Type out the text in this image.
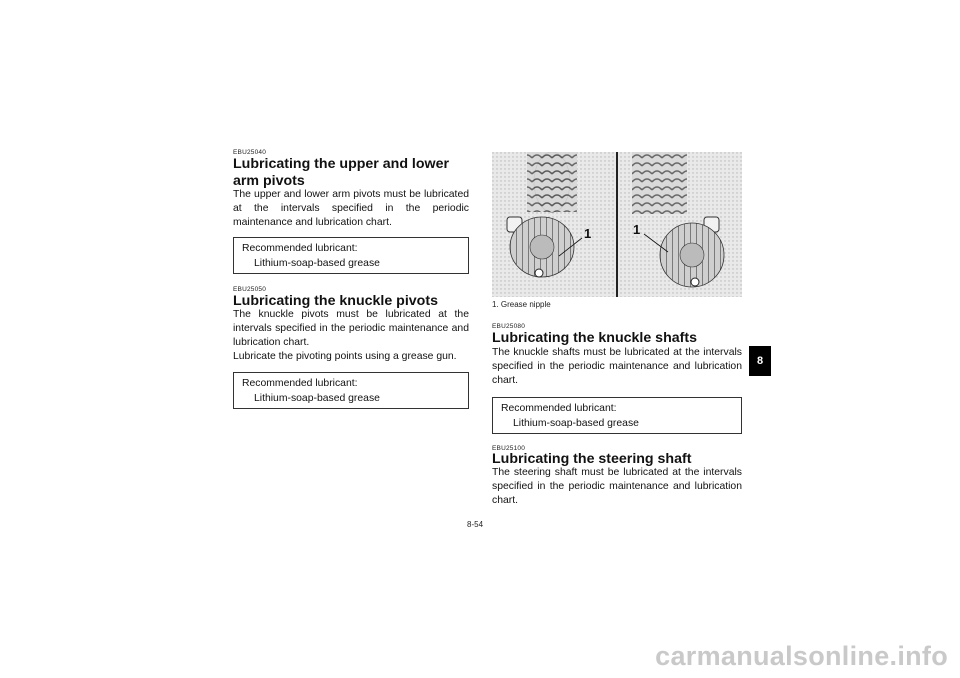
EBU25040
Lubricating the upper and lower arm pivots

The upper and lower arm pivots must be lubricated at the intervals specified in the periodic maintenance and lubrication chart.

Recommended lubricant:
Lithium-soap-based grease
EBU25050
Lubricating the knuckle pivots

The knuckle pivots must be lubricated at the intervals specified in the periodic maintenance and lubrication chart.

Lubricate the pivoting points using a grease gun.

Recommended lubricant:
Lithium-soap-based grease
1	1
1. Grease nipple
EBU25080
Lubricating the knuckle shafts

The knuckle shafts must be lubricated at the intervals specified in the periodic maintenance and lubrication chart.

Recommended lubricant:
Lithium-soap-based grease
EBU25100
Lubricating the steering shaft

The steering shaft must be lubricated at the intervals specified in the periodic maintenance and lubrication chart.

8
8-54
carmanualsonline.info
